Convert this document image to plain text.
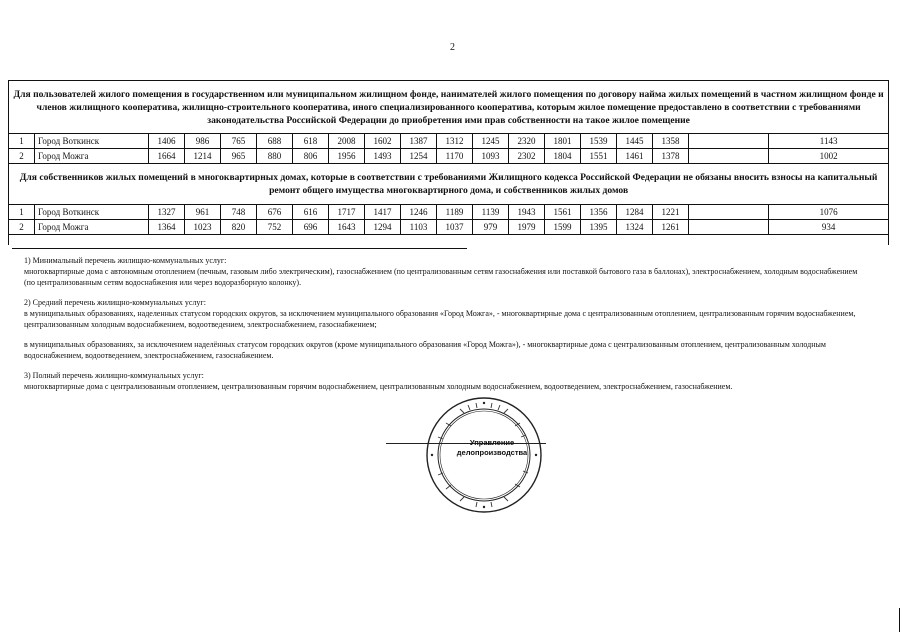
2
Для пользователей жилого помещения в государственном или муниципальном жилищном фонде, нанимателей жилого помещения по договору найма жилых помещений в частном жилищном фонде и членов жилищного кооператива, жилищно-строительного кооператива, иного специализированного кооператива, которым жилое помещение предоставлено в соответствии с требованиями законодательства Российской Федерации до приобретения ими прав собственности на такое жилое помещение																		
1	Город Воткинск	1406	986	765	688	618	2008	1602	1387	1312	1245	2320	1801	1539	1445	1358		1143
2	Город Можга	1664	1214	965	880	806	1956	1493	1254	1170	1093	2302	1804	1551	1461	1378		1002
Для собственников жилых помещений в многоквартирных домах, которые в соответствии с требованиями Жилищного кодекса Российской Федерации не обязаны вносить взносы на капитальный ремонт общего имущества многоквартирного дома, и собственников жилых домов																		
1	Город Воткинск	1327	961	748	676	616	1717	1417	1246	1189	1139	1943	1561	1356	1284	1221		1076
2	Город Можга	1364	1023	820	752	696	1643	1294	1103	1037	979	1979	1599	1395	1324	1261		934

1) Минимальный перечень жилищно-коммунальных услуг:

многоквартирные дома с автономным отоплением (печным, газовым либо электрическим), газоснабжением (по централизованным сетям газоснабжения или поставкой бытового газа в баллонах), электроснабжением, холодным водоснабжением (по централизованным сетям водоснабжения или через водоразборную колонку).

2) Средний перечень жилищно-коммунальных услуг:

в муниципальных образованиях, наделенных статусом городских округов, за исключением муниципального образования «Город Можга», - многоквартирные дома с централизованным отоплением, централизованным горячим водоснабжением, централизованным холодным водоснабжением, водоотведением, электроснабжением, газоснабжением;

в муниципальных образованиях, за исключением наделённых статусом городских округов (кроме муниципального образования «Город Можга»), - многоквартирные дома с централизованным отоплением, централизованным холодным водоснабжением, водоотведением, электроснабжением, газоснабжением.

3) Полный перечень жилищно-коммунальных услуг:

многоквартирные дома с централизованным отоплением, централизованным горячим водоснабжением, централизованным холодным водоснабжением, водоотведением, электроснабжением, газоснабжением.

Управление
делопроизводства
